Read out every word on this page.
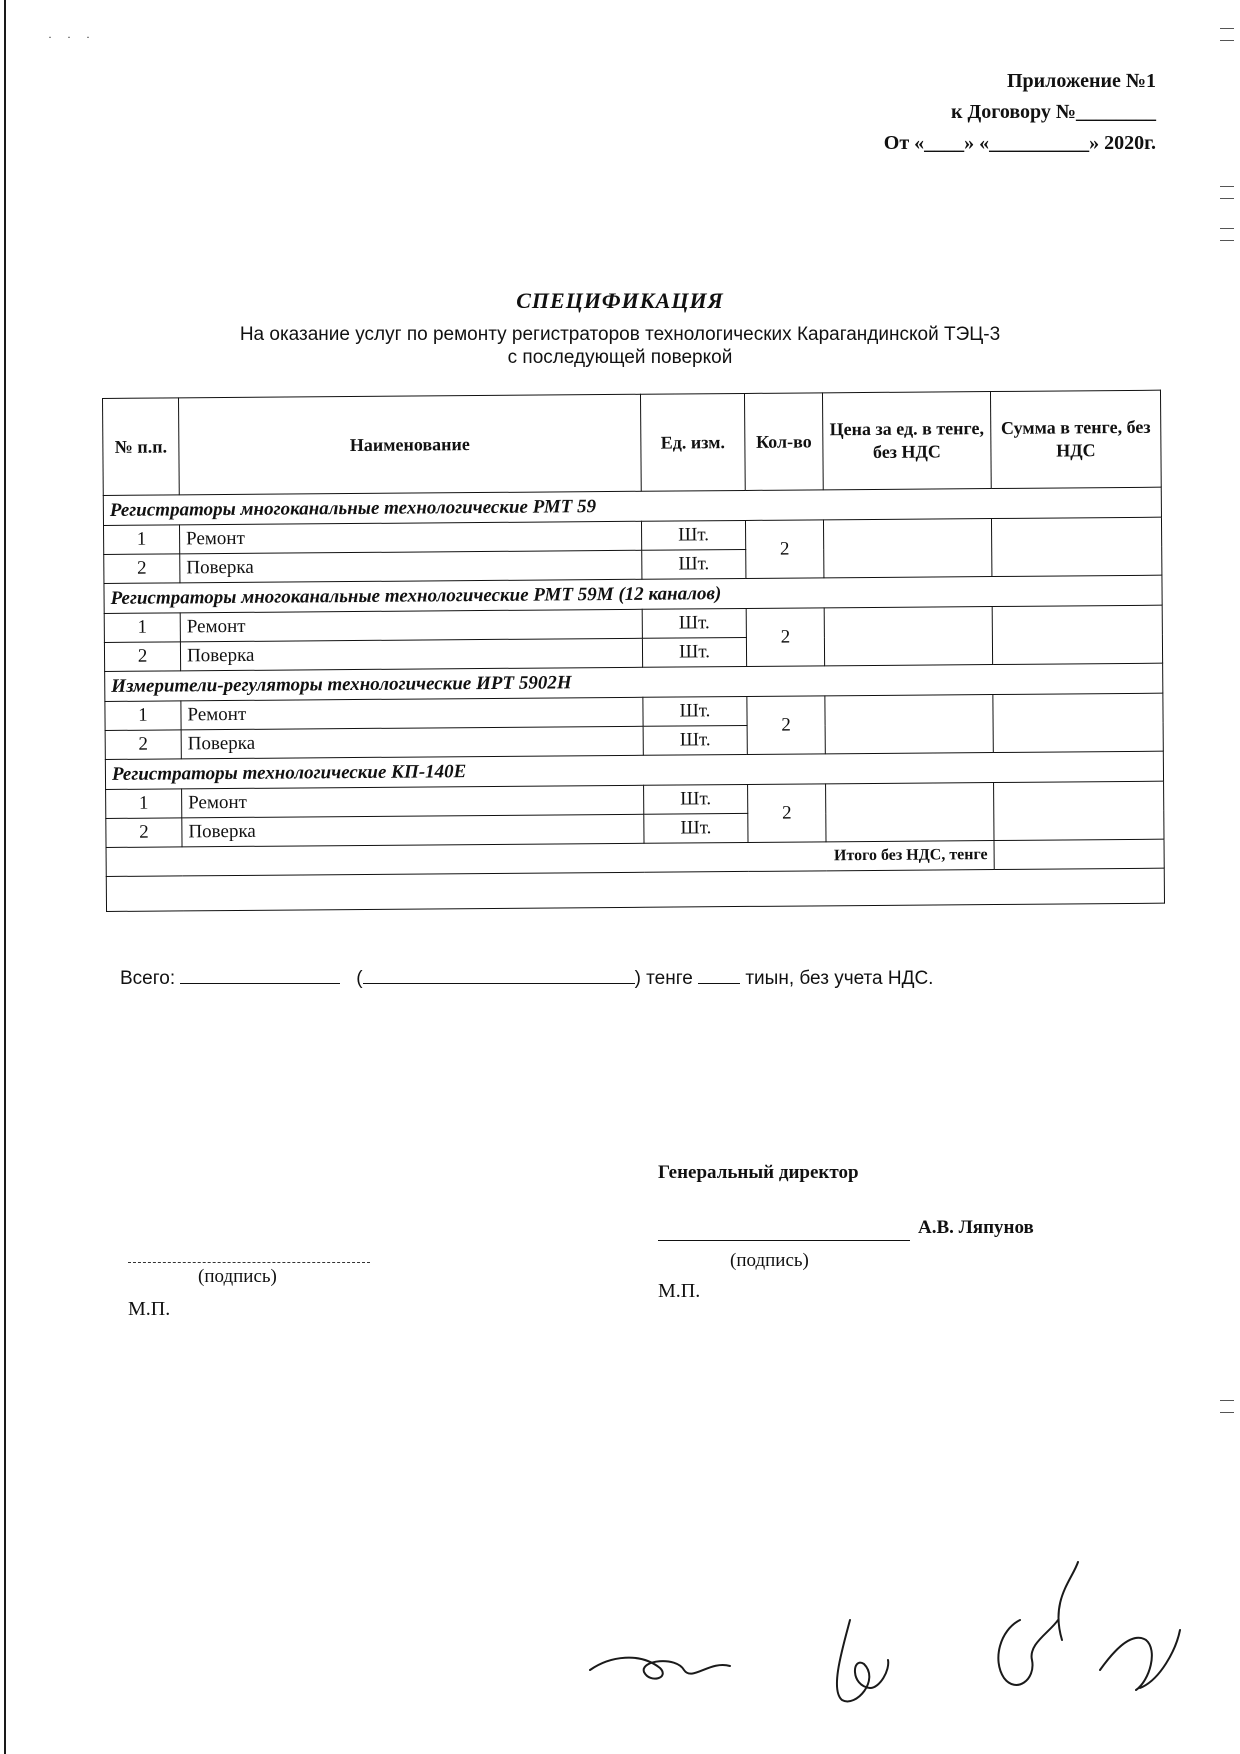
· · ·
Приложение №1
к Договору №________
От «____» «__________» 2020г.
СПЕЦИФИКАЦИЯ
На оказание услуг по ремонту регистраторов технологических Карагандинской ТЭЦ-3
с последующей поверкой
№ п.п.	Наименование	Ед. изм.	Кол-во	Цена за ед. в тенге, без НДС	Сумма в тенге, без НДС
Регистраторы многоканальные технологические РМТ 59					
1	Ремонт	Шт.	2		
2	Поверка	Шт.			
Регистраторы многоканальные технологические РМТ 59М (12 каналов)					
1	Ремонт	Шт.	2		
2	Поверка	Шт.			
Измерители-регуляторы технологические ИРТ 5902Н					
1	Ремонт	Шт.	2		
2	Поверка	Шт.			
Регистраторы технологические КП-140Е					
1	Ремонт	Шт.	2		
2	Поверка	Шт.			
Итого без НДС, тенге					

Всего:	(	) тенге	тиын, без учета НДС.
Генеральный директор
А.В. Ляпунов
(подпись)
М.П.
(подпись)
М.П.
